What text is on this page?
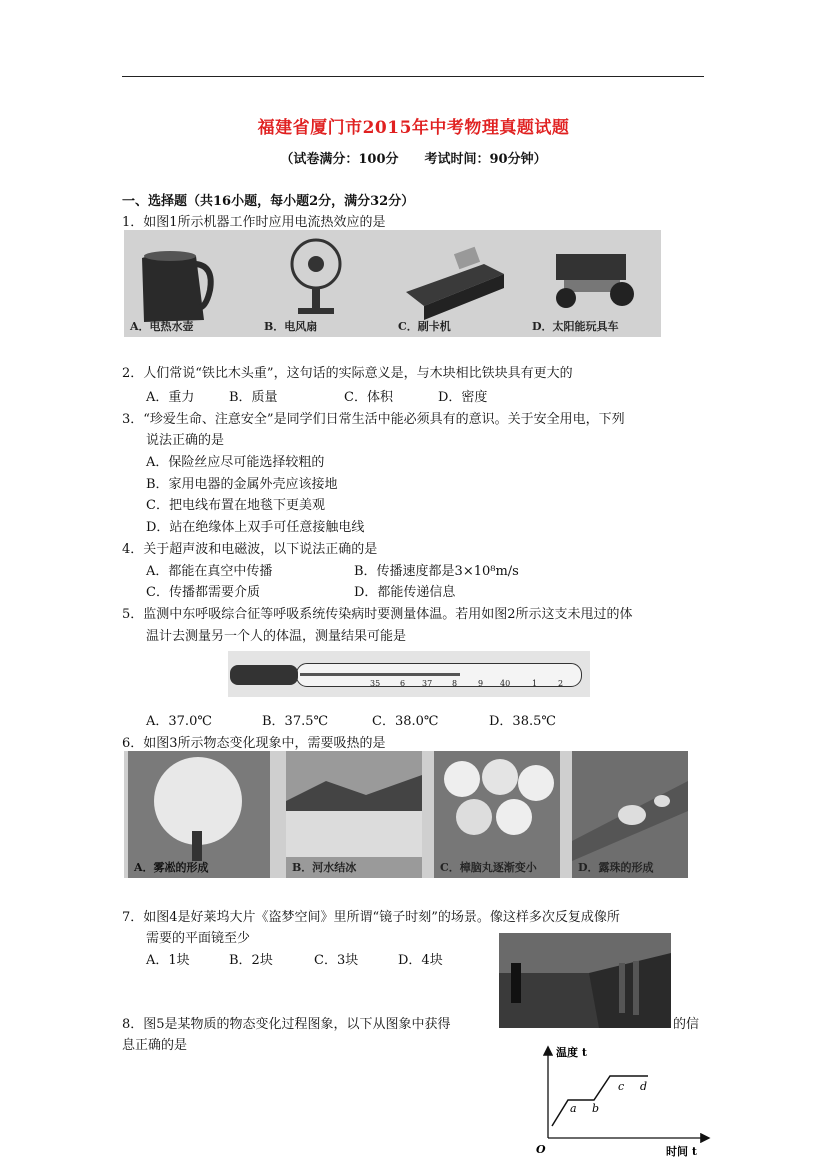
福建省厦门市2015年中考物理真题试题
（试卷满分：100分　　考试时间：90分钟）
一、选择题（共16小题，每小题2分，满分32分）
1．如图1所示机器工作时应用电流热效应的是
A．电热水壶	B．电风扇	C．刷卡机	D．太阳能玩具车
2．人们常说“铁比木头重”，这句话的实际意义是，与木块相比铁块具有更大的
A．重力	B．质量	C．体积	D．密度
3．“珍爱生命、注意安全”是同学们日常生活中能必须具有的意识。关于安全用电，下列
说法正确的是
A．保险丝应尽可能选择较粗的
B．家用电器的金属外壳应该接地
C．把电线布置在地毯下更美观
D．站在绝缘体上双手可任意接触电线
4．关于超声波和电磁波，以下说法正确的是
A．都能在真空中传播	B．传播速度都是3×10⁸m/s
C．传播都需要介质	D．都能传递信息
5．监测中东呼吸综合征等呼吸系统传染病时要测量体温。若用如图2所示这支未甩过的体
温计去测量另一个人的体温，测量结果可能是
35 6 37 8	9 40	1	2
A．37.0℃	B．37.5℃	C．38.0℃	D．38.5℃
6．如图3所示物态变化现象中，需要吸热的是
A．雾凇的形成	B．河水结冰	C．樟脑丸逐渐变小	D．露珠的形成
7．如图4是好莱坞大片《盗梦空间》里所谓“镜子时刻”的场景。像这样多次反复成像所
需要的平面镜至少
A．1块	B．2块	C．3块	D．4块
8．图5是某物质的物态变化过程图象，以下从图象中获得	的信
息正确的是	温度 t
时间 t
O
a b
c d
